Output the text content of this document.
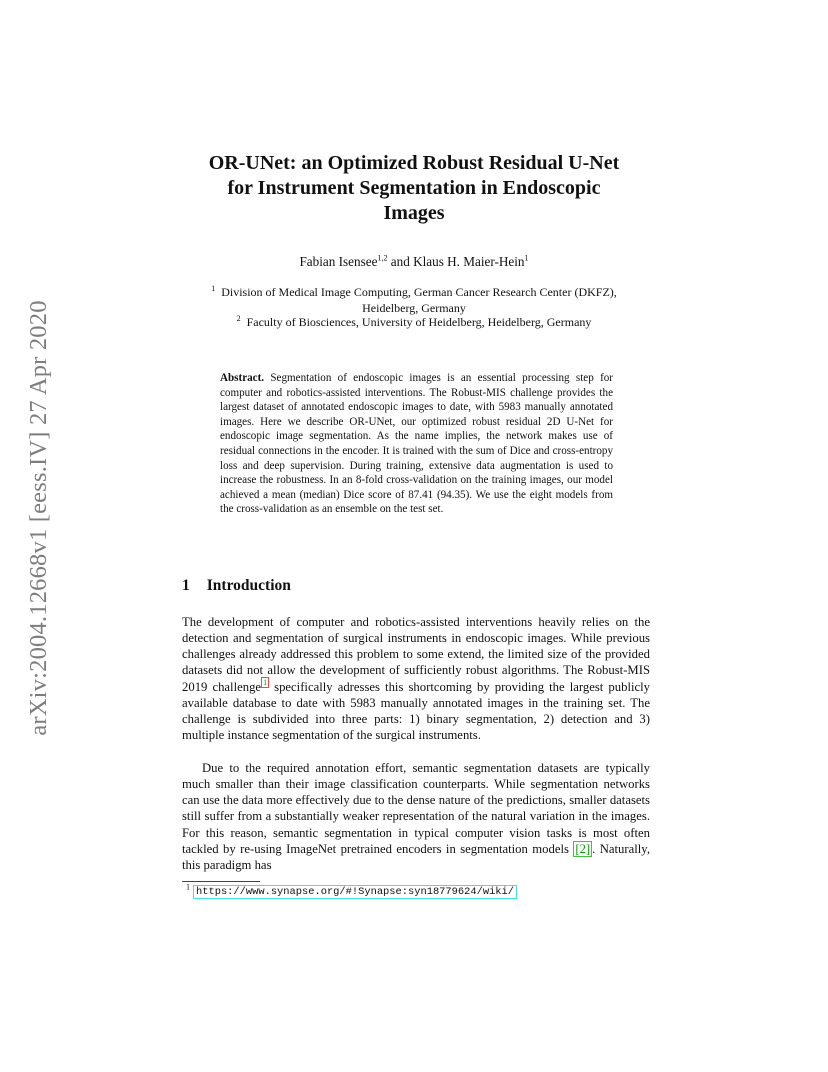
arXiv:2004.12668v1 [eess.IV] 27 Apr 2020
OR-UNet: an Optimized Robust Residual U-Net
for Instrument Segmentation in Endoscopic
Images
Fabian Isensee$^{1,2}$ and Klaus H. Maier-Hein$^1$
$^1$ Division of Medical Image Computing, German Cancer Research Center (DKFZ),
Heidelberg, Germany
$^2$ Faculty of Biosciences, University of Heidelberg, Heidelberg, Germany
Abstract. Segmentation of endoscopic images is an essential processing step for computer and robotics-assisted interventions. The Robust-MIS challenge provides the largest dataset of annotated endoscopic images to date, with 5983 manually annotated images. Here we describe OR-UNet, our optimized robust residual 2D U-Net for endoscopic image segmentation. As the name implies, the network makes use of residual connections in the encoder. It is trained with the sum of Dice and cross-entropy loss and deep supervision. During training, extensive data augmentation is used to increase the robustness. In an 8-fold cross-validation on the training images, our model achieved a mean (median) Dice score of 87.41 (94.35). We use the eight models from the cross-validation as an ensemble on the test set.
1 Introduction
The development of computer and robotics-assisted interventions heavily relies on the detection and segmentation of surgical instruments in endoscopic images. While previous challenges already addressed this problem to some extend, the limited size of the provided datasets did not allow the development of sufficiently robust algorithms. The Robust-MIS 2019 challenge $^1$ specifically adresses this shortcoming by providing the largest publicly available database to date with 5983 manually annotated images in the training set. The challenge is subdivided into three parts: 1) binary segmentation, 2) detection and 3) multiple instance segmentation of the surgical instruments.
Due to the required annotation effort, semantic segmentation datasets are typically much smaller than their image classification counterparts. While segmentation networks can use the data more effectively due to the dense nature of the predictions, smaller datasets still suffer from a substantially weaker representation of the natural variation in the images. For this reason, semantic segmentation in typical computer vision tasks is most often tackled by re-using ImageNet pretrained encoders in segmentation models [2] . Naturally, this paradigm has
$^1$ https://www.synapse.org/#!Synapse:syn18779624/wiki/
